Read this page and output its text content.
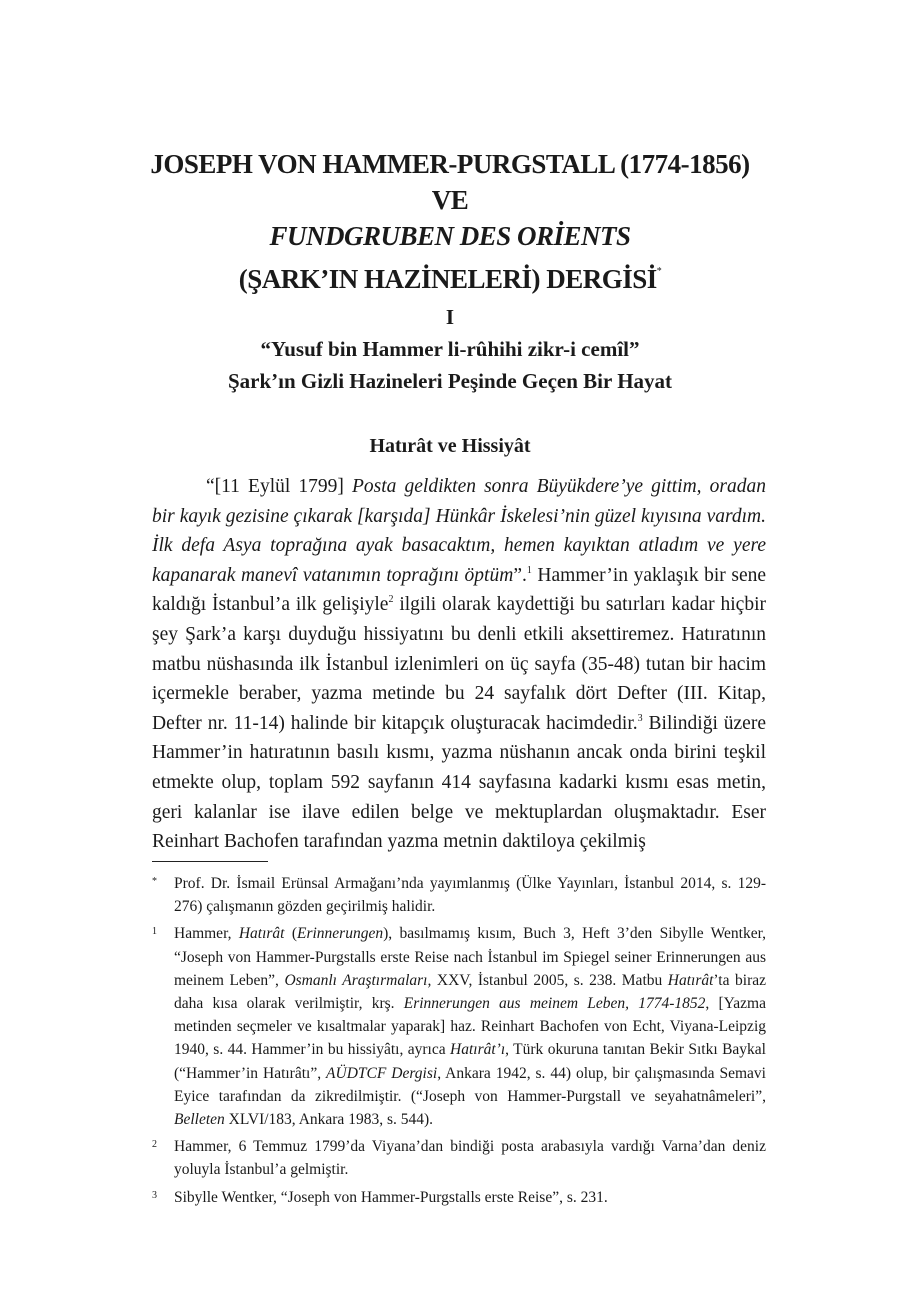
JOSEPH VON HAMMER-PURGSTALL (1774-1856)
VE
FUNDGRUBEN DES ORİENTS
(ŞARK’IN HAZİNELERİ) DERGİSİ*
I
“Yusuf bin Hammer li-rûhihi zikr-i cemîl”
Şark’ın Gizli Hazineleri Peşinde Geçen Bir Hayat
Hatırât ve Hissiyât

“[11 Eylül 1799] Posta geldikten sonra Büyükdere’ye gittim, oradan bir kayık gezisine çıkarak [karşıda] Hünkâr İskelesi’nin güzel kıyısına vardım. İlk defa Asya toprağına ayak basacaktım, hemen kayıktan atladım ve yere kapanarak manevî vatanımın toprağını öptüm”.$^1$ Hammer’in yaklaşık bir sene kaldığı İstanbul’a ilk gelişiyle$^2$ ilgili olarak kaydettiği bu satırları kadar hiçbir şey Şark’a karşı duyduğu hissiyatını bu denli etkili aksettiremez. Hatıratının matbu nüshasında ilk İstanbul izlenimleri on üç sayfa (35-48) tutan bir hacim içermekle beraber, yazma metinde bu 24 sayfalık dört Defter (III. Kitap, Defter nr. 11-14) halinde bir kitapçık oluşturacak hacimdedir.$^3$ Bilindiği üzere Hammer’in hatıratının basılı kısmı, yazma nüshanın ancak onda birini teşkil etmekte olup, toplam 592 sayfanın 414 sayfasına kadarki kısmı esas metin, geri kalanlar ise ilave edilen belge ve mektuplardan oluşmaktadır. Eser Reinhart Bachofen tarafından yazma metnin daktiloya çekilmiş

* Prof. Dr. İsmail Erünsal Armağanı’nda yayımlanmış (Ülke Yayınları, İstanbul 2014, s. 129-276) çalışmanın gözden geçirilmiş halidir.
1 Hammer, Hatırât (Erinnerungen), basılmamış kısım, Buch 3, Heft 3’den Sibylle Wentker, “Joseph von Hammer-Purgstalls erste Reise nach İstanbul im Spiegel seiner Erinnerungen aus meinem Leben”, Osmanlı Araştırmaları, XXV, İstanbul 2005, s. 238. Matbu Hatırât’ta biraz daha kısa olarak verilmiştir, krş. Erinnerungen aus meinem Leben, 1774-1852, [Yazma metinden seçmeler ve kısaltmalar yaparak] haz. Reinhart Bachofen von Echt, Viyana-Leipzig 1940, s. 44. Hammer’in bu hissiyâtı, ayrıca Hatırât’ı, Türk okuruna tanıtan Bekir Sıtkı Baykal (“Hammer’in Hatırâtı”, AÜDTCF Dergisi, Ankara 1942, s. 44) olup, bir çalışmasında Semavi Eyice tarafından da zikredilmiştir. (“Joseph von Hammer-Purgstall ve seyahatnâmeleri”, Belleten XLVI/183, Ankara 1983, s. 544).
2 Hammer, 6 Temmuz 1799’da Viyana’dan bindiği posta arabasıyla vardığı Varna’dan deniz yoluyla İstanbul’a gelmiştir.
3 Sibylle Wentker, “Joseph von Hammer-Purgstalls erste Reise”, s. 231.
